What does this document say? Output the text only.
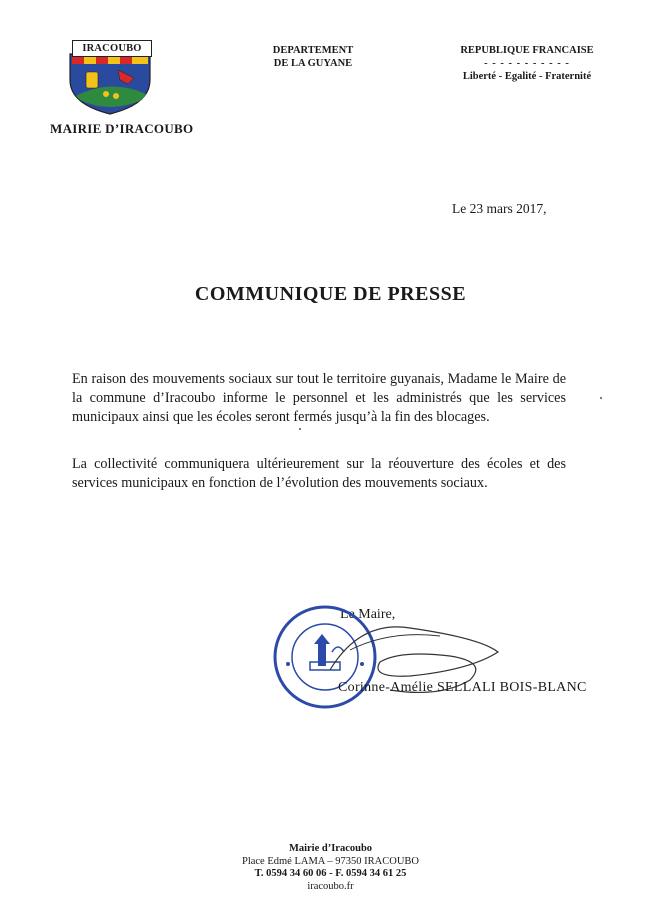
IRACOUBO
MAIRIE D’IRACOUBO
DEPARTEMENT
DE LA GUYANE
REPUBLIQUE FRANCAISE
- - - - - - - - - - -
Liberté - Egalité - Fraternité
Le 23 mars 2017,
COMMUNIQUE DE PRESSE
En raison des mouvements sociaux sur tout le territoire guyanais, Madame le Maire de la commune d’Iracoubo informe le personnel et les administrés que les services municipaux ainsi que les écoles seront fermés jusqu’à la fin des blocages.
La collectivité communiquera ultérieurement sur la réouverture des écoles et des services municipaux en fonction de l’évolution des mouvements sociaux.
Le Maire,
Corinne-Amélie SELLALI BOIS-BLANC
Mairie d’Iracoubo
Place Edmé LAMA – 97350 IRACOUBO
T. 0594 34 60 06 - F. 0594 34 61 25
iracoubo.fr
